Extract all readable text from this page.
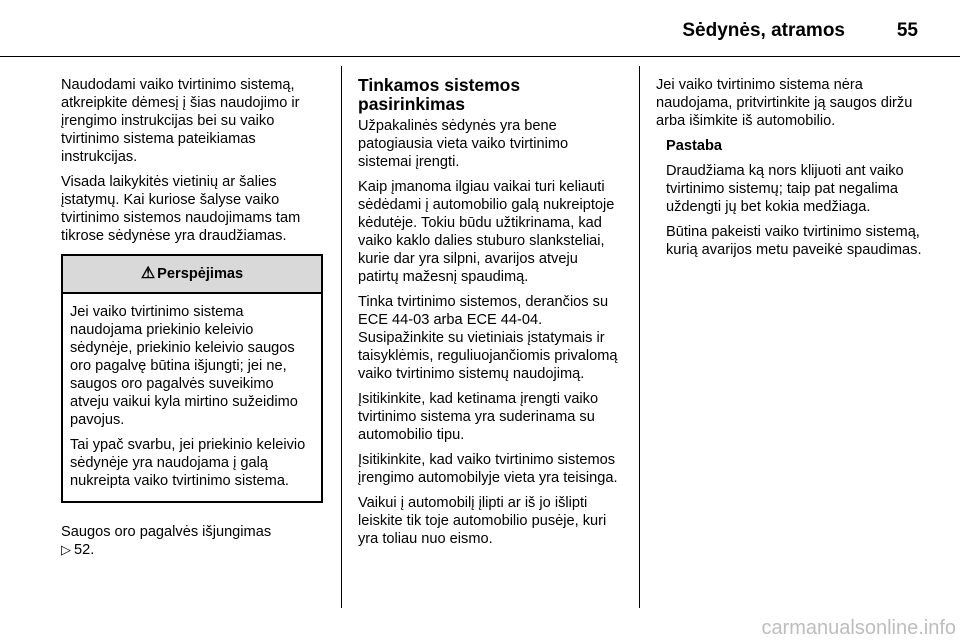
Sėdynės, atramos	55

Naudodami vaiko tvirtinimo sistemą, atkreipkite dėmesį į šias naudojimo ir įrengimo instrukcijas bei su vaiko tvirtinimo sistema pateikiamas instrukcijas.

Visada laikykitės vietinių ar šalies įstatymų. Kai kuriose šalyse vaiko tvirtinimo sistemos naudojimams tam tikrose sėdynėse yra draudžiamas.

⚠ Perspėjimas

Jei vaiko tvirtinimo sistema naudojama priekinio keleivio sėdynėje, priekinio keleivio saugos oro pagalvę būtina išjungti; jei ne, saugos oro pagalvės suveikimo atveju vaikui kyla mirtino sužeidimo pavojus.

Tai ypač svarbu, jei priekinio keleivio sėdynėje yra naudojama į galą nukreipta vaiko tvirtinimo sistema.

Saugos oro pagalvės išjungimas
▷ 52.

Tinkamos sistemos
pasirinkimas

Užpakalinės sėdynės yra bene patogiausia vieta vaiko tvirtinimo sistemai įrengti.

Kaip įmanoma ilgiau vaikai turi keliauti sėdėdami į automobilio galą nukreiptoje kėdutėje. Tokiu būdu užtikrinama, kad vaiko kaklo dalies stuburo slanksteliai, kurie dar yra silpni, avarijos atveju patirtų mažesnį spaudimą.

Tinka tvirtinimo sistemos, derančios su ECE 44-03 arba ECE 44-04. Susipažinkite su vietiniais įstatymais ir taisyklėmis, reguliuojančiomis privalomą vaiko tvirtinimo sistemų naudojimą.

Įsitikinkite, kad ketinama įrengti vaiko tvirtinimo sistema yra suderinama su automobilio tipu.

Įsitikinkite, kad vaiko tvirtinimo sistemos įrengimo automobilyje vieta yra teisinga.

Vaikui į automobilį įlipti ar iš jo išlipti leiskite tik toje automobilio pusėje, kuri yra toliau nuo eismo.

Jei vaiko tvirtinimo sistema nėra naudojama, pritvirtinkite ją saugos diržu arba išimkite iš automobilio.

Pastaba

Draudžiama ką nors klijuoti ant vaiko tvirtinimo sistemų; taip pat negalima uždengti jų bet kokia medžiaga.

Būtina pakeisti vaiko tvirtinimo sistemą, kurią avarijos metu paveikė spaudimas.

carmanualsonline.info
